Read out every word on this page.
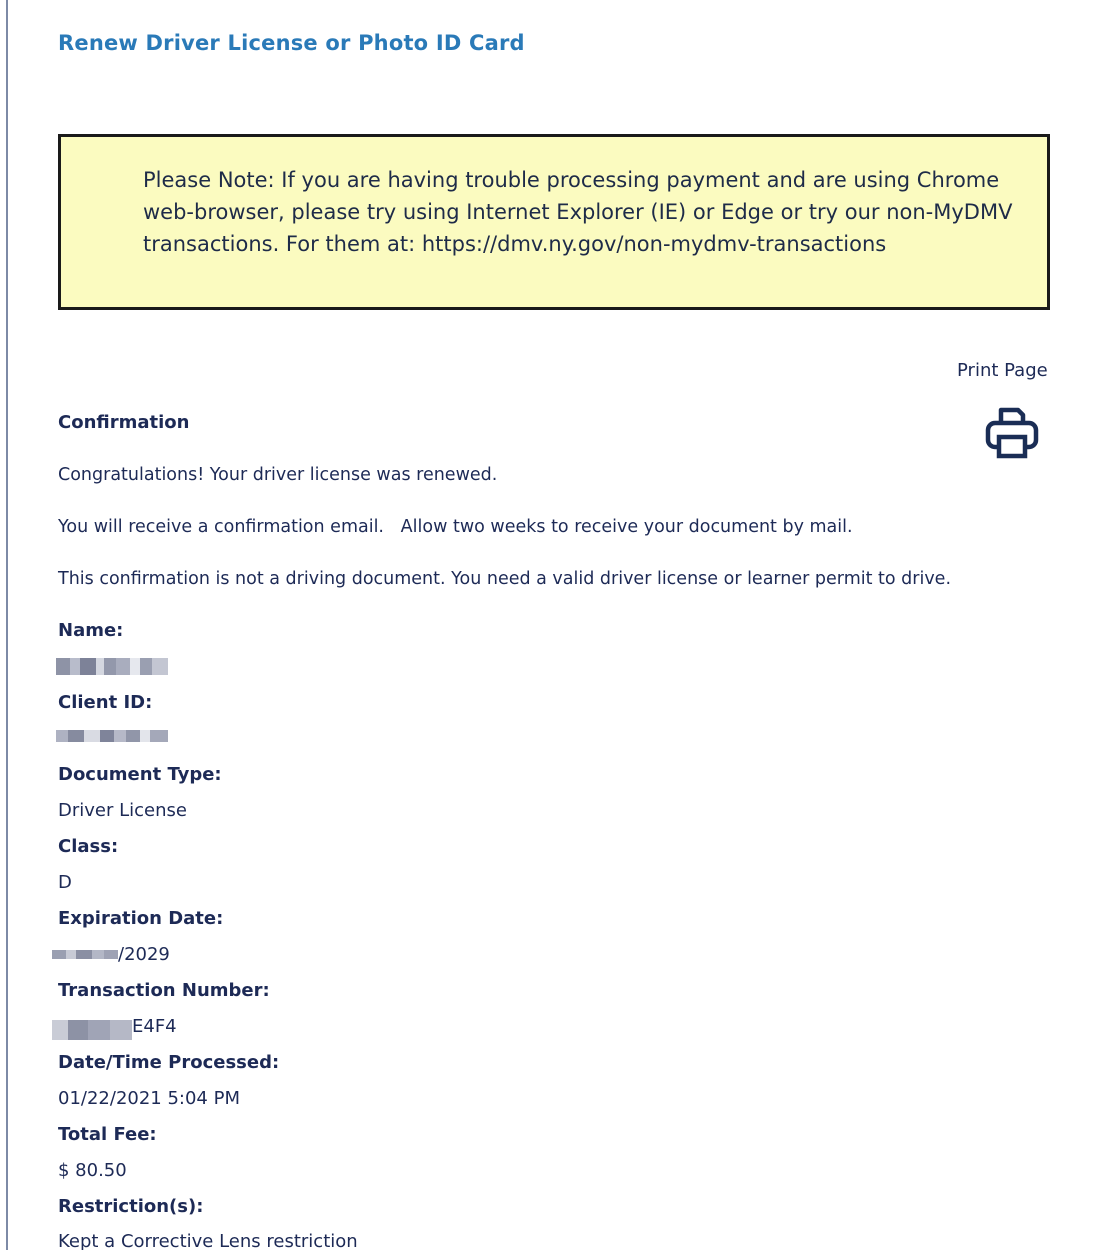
Renew Driver License or Photo ID Card
Please Note: If you are having trouble processing payment and are using Chrome web-browser, please try using Internet Explorer (IE) or Edge or try our non-MyDMV transactions. For them at: https://dmv.ny.gov/non-mydmv-transactions
Print Page
Confirmation
Congratulations! Your driver license was renewed.
You will receive a confirmation email.   Allow two weeks to receive your document by mail.
This confirmation is not a driving document. You need a valid driver license or learner permit to drive.
Name:
Client ID:
Document Type:
Driver License
Class:
D
Expiration Date:
/2029
Transaction Number:
E4F4
Date/Time Processed:
01/22/2021 5:04 PM
Total Fee:
$ 80.50
Restriction(s):
Kept a Corrective Lens restriction
